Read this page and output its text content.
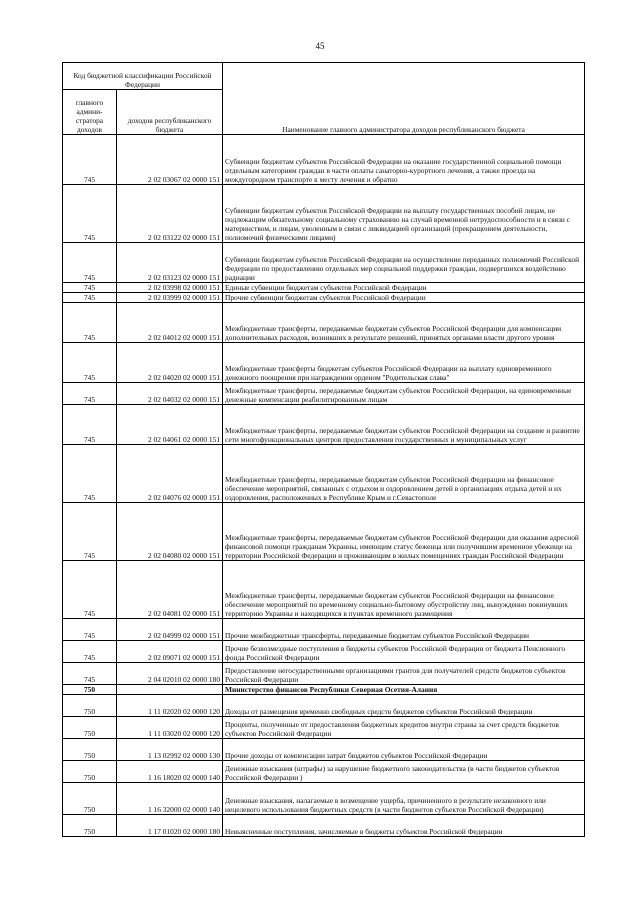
45
Код бюджетной классификации Российской Федерации		Наименование главного администратора доходов республиканского бюджета
главного админи-стратора доходов	доходов республиканского бюджета	
745	2 02 03067 02 0000 151	Субвенции бюджетам субъектов Российской Федерации на оказание государственной социальной помощи отдельным категориям граждан в части оплаты санаторно-курортного лечения, а также проезда на междугородном транспорте к месту лечения и обратно
745	2 02 03122 02 0000 151	Субвенции бюджетам субъектов Российской Федерации на выплату государственных пособий лицам, не подлежащим обязательному социальному страхованию на случай временной нетрудоспособности и в связи с материнством, и лицам, уволенным в связи с ликвидацией организаций (прекращением деятельности, полномочий физическими лицами)
745	2 02 03123 02 0000 151	Субвенции бюджетам субъектов Российской Федерации на осуществление переданных полномочий Российской Федерации по предоставлению отдельных мер социальной поддержки граждан, подвергшихся воздействию радиации
745	2 02 03998 02 0000 151	Единые субвенции бюджетам субъектов Российской Федерации
745	2 02 03999 02 0000 151	Прочие субвенции бюджетам субъектов Российской Федерации
745	2 02 04012 02 0000 151	Межбюджетные трансферты, передаваемые бюджетам субъектов Российской Федерации для компенсации дополнительных расходов, возникших в результате решений, принятых органами власти другого уровня
745	2 02 04020 02 0000 151	Межбюджетные трансферты бюджетам субъектов Российской Федерации на выплату единовременного денежного поощрения при награждении орденом "Родительская слава"
745	2 02 04032 02 0000 151	Межбюджетные трансферты, передаваемые бюджетам субъектов Российской Федерации, на единовременные денежные компенсации реабилитированным лицам
745	2 02 04061 02 0000 151	Межбюджетные трансферты, передаваемые бюджетам субъектов Российской Федерации на создание и развитие сети многофункциональных центров предоставления государственных и муниципальных услуг
745	2 02 04076 02 0000 151	Межбюджетные трансферты, передаваемые бюджетам субъектов Российской Федерации на финансовое обеспечение мероприятий, связанных с отдыхом и оздоровлением детей в организациях отдыха детей и их оздоровления, расположенных в Республике Крым и г.Севастополе
745	2 02 04080 02 0000 151	Межбюджетные трансферты, передаваемые бюджетам субъектов Российской Федерации для оказания адресной финансовой помощи гражданам Украины, имеющим статус беженца или получившим временное убежище на территории Российской Федерации и проживающим в жилых помещениях граждан Российской Федерации
745	2 02 04081 02 0000 151	Межбюджетные трансферты, передаваемые бюджетам субъектов Российской Федерации на финансовое обеспечение мероприятий по временному социально-бытовому обустройству лиц, вынужденно покинувших территорию Украины и находящихся в пунктах временного размещения
745	2 02 04999 02 0000 151	Прочие межбюджетные трансферты, передаваемые бюджетам субъектов Российской Федерации
745	2 02 09071 02 0000 151	Прочие безвозмездные поступления в бюджеты субъектов Российской Федерации от бюджета Пенсионного фонда Российской Федерации
745	2 04 02010 02 0000 180	Предоставление негосударственными организациями грантов для получателей средств бюджетов субъектов Российской Федерации
750		Министерство финансов Республики Северная Осетия-Алания
750	1 11 02020 02 0000 120	Доходы от размещения временно свободных средств бюджетов субъектов Российской Федерации
750	1 11 03020 02 0000 120	Проценты, полученные от предоставления бюджетных кредитов внутри страны за счет средств бюджетов субъектов Российской Федерации
750	1 13 02992 02 0000 130	Прочие доходы от компенсации затрат бюджетов субъектов Российской Федерации
750	1 16 18020 02 0000 140	Денежные взыскания (штрафы) за нарушение бюджетного законодательства (в части бюджетов субъектов Российской Федерации )
750	1 16 32000 02 0000 140	Денежные взыскания, налагаемые в возмещение ущерба, причиненного в результате незаконного или нецелевого использования бюджетных средств (в части бюджетов субъектов Российской Федерации)
750	1 17 01020 02 0000 180	Невыясненные поступления, зачисляемые в бюджеты субъектов Российской Федерации
